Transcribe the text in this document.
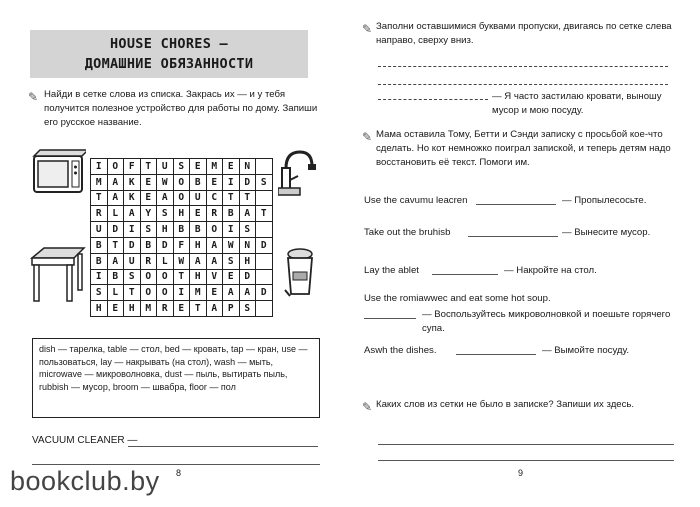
HOUSE CHORES —
ДОМАШНИЕ ОБЯЗАННОСТИ
✎ Найди в сетке слова из списка. Закрась их — и у тебя получится полезное устройство для работы по дому. Запиши его русское название.
I	O	F	T	U	S	E	M	E	N	
M	A	K	E	W	O	B	E	I	D	S
T	A	K	E	A	O	U	C	T	T	
R	L	A	Y	S	H	E	R	B	A	T
U	D	I	S	H	B	B	O	I	S	
B	T	D	B	D	F	H	A	W	N	D
B	A	U	R	L	W	A	A	S	H	
I	B	S	O	O	T	H	V	E	D	
S	L	T	O	O	I	M	E	A	A	D
H	E	H	M	R	E	T	A	P	S	
dish — тарелка, table — стол, bed — кровать, tap — кран, use — пользоваться, lay — накрывать (на стол), wash — мыть, microwave — микроволновка, dust — пыль, вытирать пыль, rubbish — мусор, broom — швабра, floor — пол
VACUUM CLEANER —
8
✎ Заполни оставшимися буквами пропуски, двигаясь по сетке слева направо, сверху вниз.
— Я часто застилаю кровати, выношу мусор и мою посуду.
✎ Мама оставила Тому, Бетти и Сэнди записку с просьбой кое-что сделать. Но кот немножко поиграл запиской, и теперь детям надо восстановить её текст. Помоги им.
Use the cavumu leacren	— Пропылесосьте.
Take out the bruhisb	— Вынесите мусор.
Lay the ablet	— Накройте на стол.
Use the romiawwec and eat some hot soup.
— Воспользуйтесь микроволновкой и поешьте горячего супа.
Aswh the dishes.	— Вымойте посуду.
✎ Каких слов из сетки не было в записке? Запиши их здесь.
9
bookclub.by
